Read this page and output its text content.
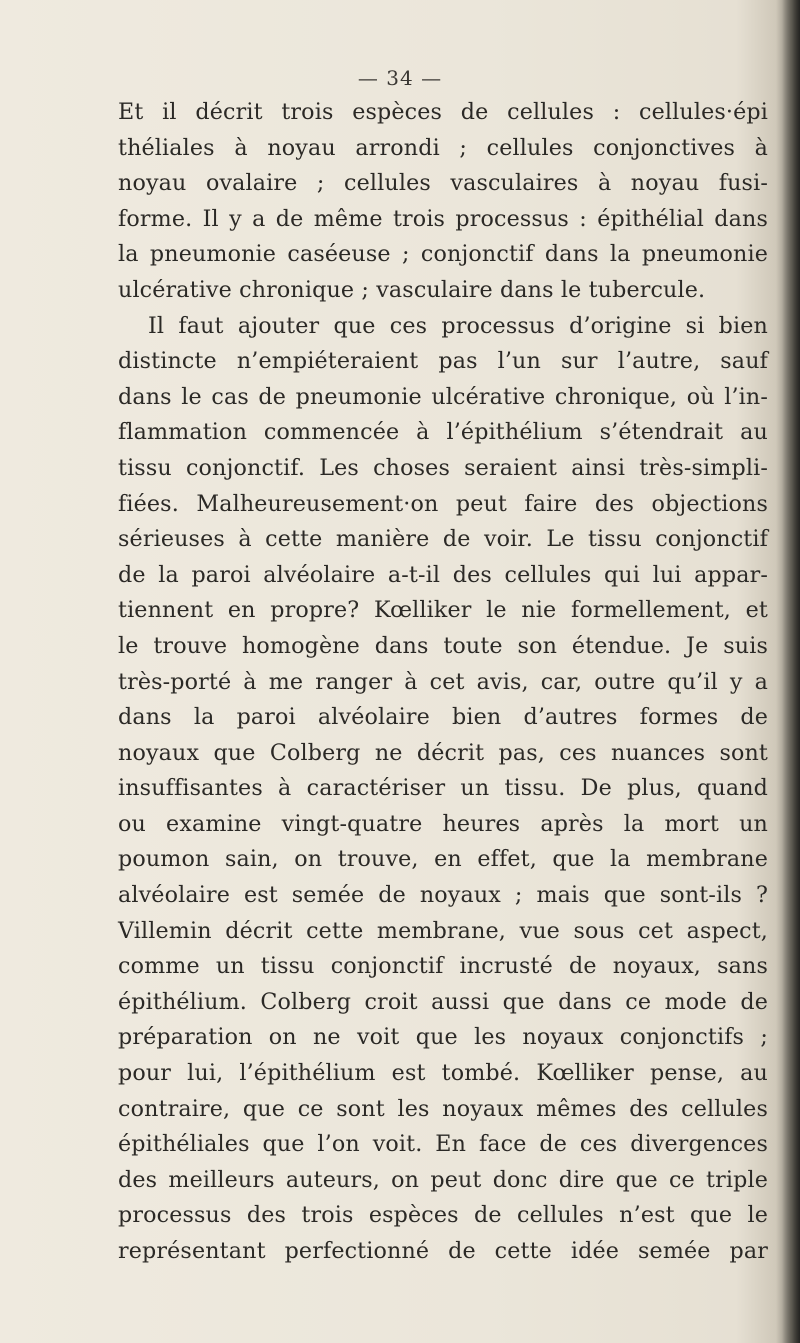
— 34 —
Et il décrit trois espèces de cellules : cellules·épi
théliales à noyau arrondi ; cellules conjonctives à
noyau ovalaire ; cellules vasculaires à noyau fusi-
forme. Il y a de même trois processus : épithélial dans
la pneumonie caséeuse ; conjonctif dans la pneumonie
ulcérative chronique ; vasculaire dans le tubercule.
Il faut ajouter que ces processus d’origine si bien
distincte n’empiéteraient pas l’un sur l’autre, sauf
dans le cas de pneumonie ulcérative chronique, où l’in-
flammation commencée à l’épithélium s’étendrait au
tissu conjonctif. Les choses seraient ainsi très-simpli-
fiées. Malheureusement·on peut faire des objections
sérieuses à cette manière de voir. Le tissu conjonctif
de la paroi alvéolaire a-t-il des cellules qui lui appar-
tiennent en propre? Kœlliker le nie formellement, et
le trouve homogène dans toute son étendue. Je suis
très-porté à me ranger à cet avis, car, outre qu’il y a
dans la paroi alvéolaire bien d’autres formes de
noyaux que Colberg ne décrit pas, ces nuances sont
insuffisantes à caractériser un tissu. De plus, quand
ou examine vingt-quatre heures après la mort un
poumon sain, on trouve, en effet, que la membrane
alvéolaire est semée de noyaux ; mais que sont-ils ?
Villemin décrit cette membrane, vue sous cet aspect,
comme un tissu conjonctif incrusté de noyaux, sans
épithélium. Colberg croit aussi que dans ce mode de
préparation on ne voit que les noyaux conjonctifs ;
pour lui, l’épithélium est tombé. Kœlliker pense, au
contraire, que ce sont les noyaux mêmes des cellules
épithéliales que l’on voit. En face de ces divergences
des meilleurs auteurs, on peut donc dire que ce triple
processus des trois espèces de cellules n’est que le
représentant perfectionné de cette idée semée par
